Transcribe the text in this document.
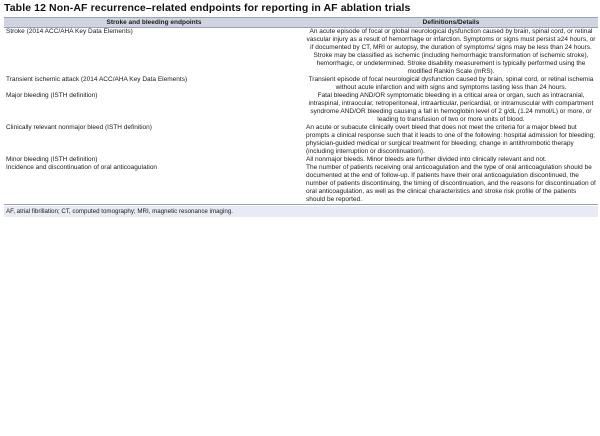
Table 12 Non-AF recurrence–related endpoints for reporting in AF ablation trials
Stroke and bleeding endpoints	Definitions/Details
Stroke (2014 ACC/AHA Key Data Elements)	An acute episode of focal or global neurological dysfunction caused by brain, spinal cord, or retinal vascular injury as a result of hemorrhage or infarction. Symptoms or signs must persist ≥24 hours, or if documented by CT, MRI or autopsy, the duration of symptoms/ signs may be less than 24 hours. Stroke may be classified as ischemic (including hemorrhagic transformation of ischemic stroke), hemorrhagic, or undetermined. Stroke disability measurement is typically performed using the modified Rankin Scale (mRS).
Transient ischemic attack (2014 ACC/AHA Key Data Elements)	Transient episode of focal neurological dysfunction caused by brain, spinal cord, or retinal ischemia without acute infarction and with signs and symptoms lasting less than 24 hours.
Major bleeding (ISTH definition)	Fatal bleeding AND/OR symptomatic bleeding in a critical area or organ, such as intracranial, intraspinal, intraocular, retroperitoneal, intraarticular, pericardial, or intramuscular with compartment syndrome AND/OR bleeding causing a fall in hemoglobin level of 2 g/dL (1.24 mmol/L) or more, or leading to transfusion of two or more units of blood.
Clinically relevant nonmajor bleed (ISTH definition)	An acute or subacute clinically overt bleed that does not meet the criteria for a major bleed but prompts a clinical response such that it leads to one of the following: hospital admission for bleeding; physician-guided medical or surgical treatment for bleeding; change in antithrombotic therapy (including interruption or discontinuation).
Minor bleeding (ISTH definition)	All nonmajor bleeds. Minor bleeds are further divided into clinically relevant and not.
Incidence and discontinuation of oral anticoagulation	The number of patients receiving oral anticoagulation and the type of oral anticoagulation should be documented at the end of follow-up. If patients have their oral anticoagulation discontinued, the number of patients discontinuing, the timing of discontinuation, and the reasons for discontinuation of oral anticoagulation, as well as the clinical characteristics and stroke risk profile of the patients should be reported.
AF, atrial fibrillation; CT, computed tomography; MRI, magnetic resonance imaging.
